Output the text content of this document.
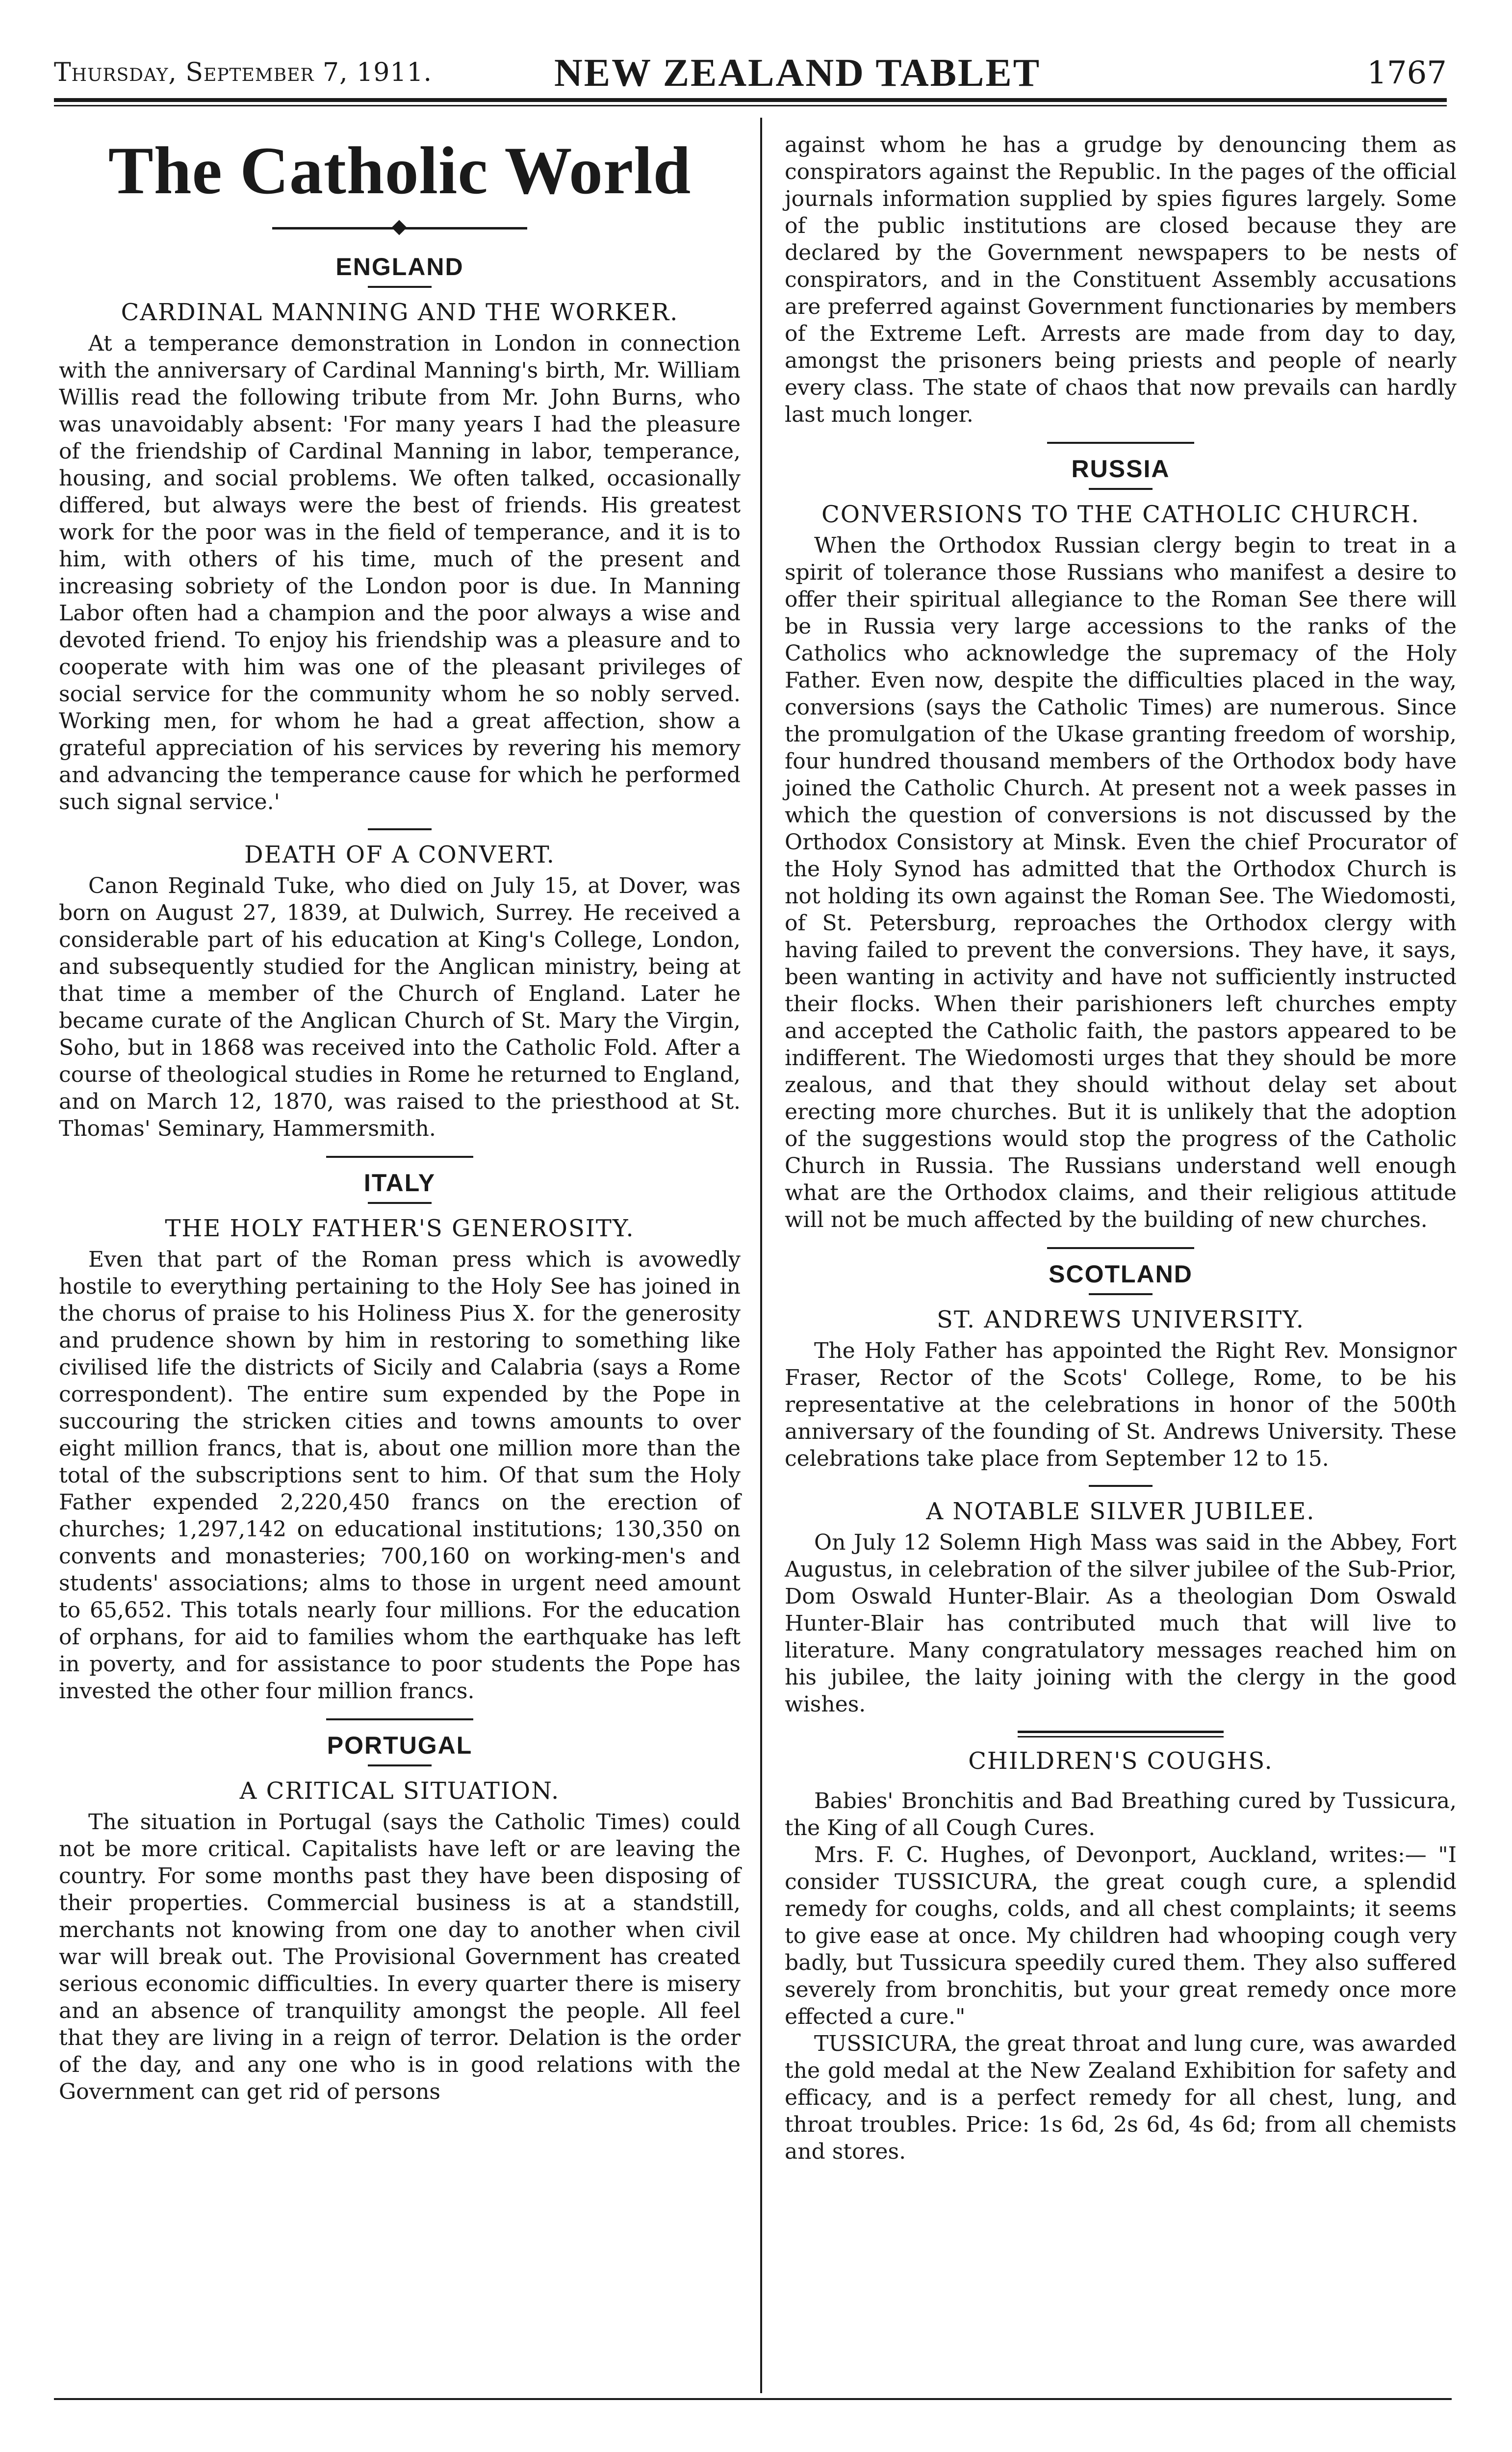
Thursday, September 7, 1911.	NEW ZEALAND TABLET	1767
The Catholic World
ENGLAND
CARDINAL MANNING AND THE WORKER.

At a temperance demonstration in London in connection with the anniversary of Cardinal Manning's birth, Mr. William Willis read the following tribute from Mr. John Burns, who was unavoidably absent: 'For many years I had the pleasure of the friendship of Cardinal Manning in labor, temperance, housing, and social problems. We often talked, occasionally differed, but always were the best of friends. His greatest work for the poor was in the field of temperance, and it is to him, with others of his time, much of the present and increasing sobriety of the London poor is due. In Manning Labor often had a champion and the poor always a wise and devoted friend. To enjoy his friendship was a pleasure and to cooperate with him was one of the pleasant privileges of social service for the community whom he so nobly served. Working men, for whom he had a great affection, show a grateful appreciation of his services by revering his memory and advancing the temperance cause for which he performed such signal service.'

DEATH OF A CONVERT.

Canon Reginald Tuke, who died on July 15, at Dover, was born on August 27, 1839, at Dulwich, Surrey. He received a considerable part of his education at King's College, London, and subsequently studied for the Anglican ministry, being at that time a member of the Church of England. Later he became curate of the Anglican Church of St. Mary the Virgin, Soho, but in 1868 was received into the Catholic Fold. After a course of theological studies in Rome he returned to England, and on March 12, 1870, was raised to the priesthood at St. Thomas' Seminary, Hammersmith.

ITALY
THE HOLY FATHER'S GENEROSITY.

Even that part of the Roman press which is avowedly hostile to everything pertaining to the Holy See has joined in the chorus of praise to his Holiness Pius X. for the generosity and prudence shown by him in restoring to something like civilised life the districts of Sicily and Calabria (says a Rome correspondent). The entire sum expended by the Pope in succouring the stricken cities and towns amounts to over eight million francs, that is, about one million more than the total of the subscriptions sent to him. Of that sum the Holy Father expended 2,220,450 francs on the erection of churches; 1,297,142 on educational institutions; 130,350 on convents and monasteries; 700,160 on working-men's and students' associations; alms to those in urgent need amount to 65,652. This totals nearly four millions. For the education of orphans, for aid to families whom the earthquake has left in poverty, and for assistance to poor students the Pope has invested the other four million francs.

PORTUGAL
A CRITICAL SITUATION.

The situation in Portugal (says the Catholic Times) could not be more critical. Capitalists have left or are leaving the country. For some months past they have been disposing of their properties. Commercial business is at a standstill, merchants not knowing from one day to another when civil war will break out. The Provisional Government has created serious economic difficulties. In every quarter there is misery and an absence of tranquility amongst the people. All feel that they are living in a reign of terror. Delation is the order of the day, and any one who is in good relations with the Government can get rid of persons

against whom he has a grudge by denouncing them as conspirators against the Republic. In the pages of the official journals information supplied by spies figures largely. Some of the public institutions are closed because they are declared by the Government newspapers to be nests of conspirators, and in the Constituent Assembly accusations are preferred against Government functionaries by members of the Extreme Left. Arrests are made from day to day, amongst the prisoners being priests and people of nearly every class. The state of chaos that now prevails can hardly last much longer.

RUSSIA
CONVERSIONS TO THE CATHOLIC CHURCH.

When the Orthodox Russian clergy begin to treat in a spirit of tolerance those Russians who manifest a desire to offer their spiritual allegiance to the Roman See there will be in Russia very large accessions to the ranks of the Catholics who acknowledge the supremacy of the Holy Father. Even now, despite the difficulties placed in the way, conversions (says the Catholic Times) are numerous. Since the promulgation of the Ukase granting freedom of worship, four hundred thousand members of the Orthodox body have joined the Catholic Church. At present not a week passes in which the question of conversions is not discussed by the Orthodox Consistory at Minsk. Even the chief Procurator of the Holy Synod has admitted that the Orthodox Church is not holding its own against the Roman See. The Wiedomosti, of St. Petersburg, reproaches the Orthodox clergy with having failed to prevent the conversions. They have, it says, been wanting in activity and have not sufficiently instructed their flocks. When their parishioners left churches empty and accepted the Catholic faith, the pastors appeared to be indifferent. The Wiedomosti urges that they should be more zealous, and that they should without delay set about erecting more churches. But it is unlikely that the adoption of the suggestions would stop the progress of the Catholic Church in Russia. The Russians understand well enough what are the Orthodox claims, and their religious attitude will not be much affected by the building of new churches.

SCOTLAND
ST. ANDREWS UNIVERSITY.

The Holy Father has appointed the Right Rev. Monsignor Fraser, Rector of the Scots' College, Rome, to be his representative at the celebrations in honor of the 500th anniversary of the founding of St. Andrews University. These celebrations take place from September 12 to 15.

A NOTABLE SILVER JUBILEE.

On July 12 Solemn High Mass was said in the Abbey, Fort Augustus, in celebration of the silver jubilee of the Sub-Prior, Dom Oswald Hunter-Blair. As a theologian Dom Oswald Hunter-Blair has contributed much that will live to literature. Many congratulatory messages reached him on his jubilee, the laity joining with the clergy in the good wishes.

CHILDREN'S COUGHS.

Babies' Bronchitis and Bad Breathing cured by Tussicura, the King of all Cough Cures.

Mrs. F. C. Hughes, of Devonport, Auckland, writes:— "I consider TUSSICURA, the great cough cure, a splendid remedy for coughs, colds, and all chest complaints; it seems to give ease at once. My children had whooping cough very badly, but Tussicura speedily cured them. They also suffered severely from bronchitis, but your great remedy once more effected a cure."

TUSSICURA, the great throat and lung cure, was awarded the gold medal at the New Zealand Exhibition for safety and efficacy, and is a perfect remedy for all chest, lung, and throat troubles. Price: 1s 6d, 2s 6d, 4s 6d; from all chemists and stores.
